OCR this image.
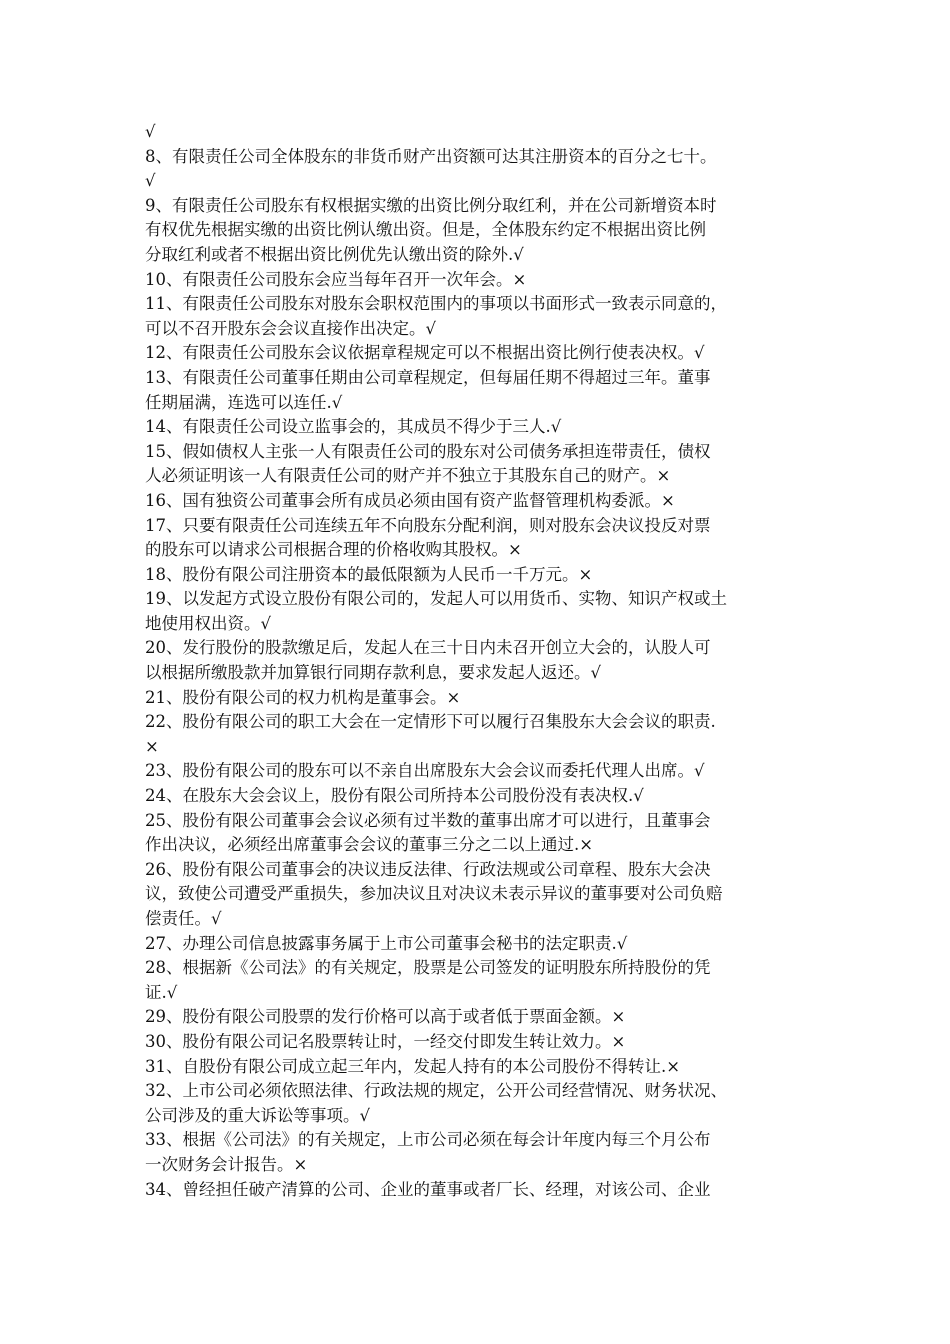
√
8、有限责任公司全体股东的非货币财产出资额可达其注册资本的百分之七十。
√
9、有限责任公司股东有权根据实缴的出资比例分取红利，并在公司新增资本时
有权优先根据实缴的出资比例认缴出资。但是，全体股东约定不根据出资比例
分取红利或者不根据出资比例优先认缴出资的除外.√
10、有限责任公司股东会应当每年召开一次年会。×
11、有限责任公司股东对股东会职权范围内的事项以书面形式一致表示同意的，
可以不召开股东会会议直接作出决定。√
12、有限责任公司股东会议依据章程规定可以不根据出资比例行使表决权。√
13、有限责任公司董事任期由公司章程规定，但每届任期不得超过三年。董事
任期届满，连选可以连任.√
14、有限责任公司设立监事会的，其成员不得少于三人.√
15、假如债权人主张一人有限责任公司的股东对公司债务承担连带责任，债权
人必须证明该一人有限责任公司的财产并不独立于其股东自己的财产。×
16、国有独资公司董事会所有成员必须由国有资产监督管理机构委派。×
17、只要有限责任公司连续五年不向股东分配利润，则对股东会决议投反对票
的股东可以请求公司根据合理的价格收购其股权。×
18、股份有限公司注册资本的最低限额为人民币一千万元。×
19、以发起方式设立股份有限公司的，发起人可以用货币、实物、知识产权或土
地使用权出资。√
20、发行股份的股款缴足后，发起人在三十日内未召开创立大会的，认股人可
以根据所缴股款并加算银行同期存款利息，要求发起人返还。√
21、股份有限公司的权力机构是董事会。×
22、股份有限公司的职工大会在一定情形下可以履行召集股东大会会议的职责.
×
23、股份有限公司的股东可以不亲自出席股东大会会议而委托代理人出席。√
24、在股东大会会议上，股份有限公司所持本公司股份没有表决权.√
25、股份有限公司董事会会议必须有过半数的董事出席才可以进行，且董事会
作出决议，必须经出席董事会会议的董事三分之二以上通过.×
26、股份有限公司董事会的决议违反法律、行政法规或公司章程、股东大会决
议，致使公司遭受严重损失，参加决议且对决议未表示异议的董事要对公司负赔
偿责任。√
27、办理公司信息披露事务属于上市公司董事会秘书的法定职责.√
28、根据新《公司法》的有关规定，股票是公司签发的证明股东所持股份的凭
证.√
29、股份有限公司股票的发行价格可以高于或者低于票面金额。×
30、股份有限公司记名股票转让时，一经交付即发生转让效力。×
31、自股份有限公司成立起三年内，发起人持有的本公司股份不得转让.×
32、上市公司必须依照法律、行政法规的规定，公开公司经营情况、财务状况、
公司涉及的重大诉讼等事项。√
33、根据《公司法》的有关规定，上市公司必须在每会计年度内每三个月公布
一次财务会计报告。×
34、曾经担任破产清算的公司、企业的董事或者厂长、经理，对该公司、企业
